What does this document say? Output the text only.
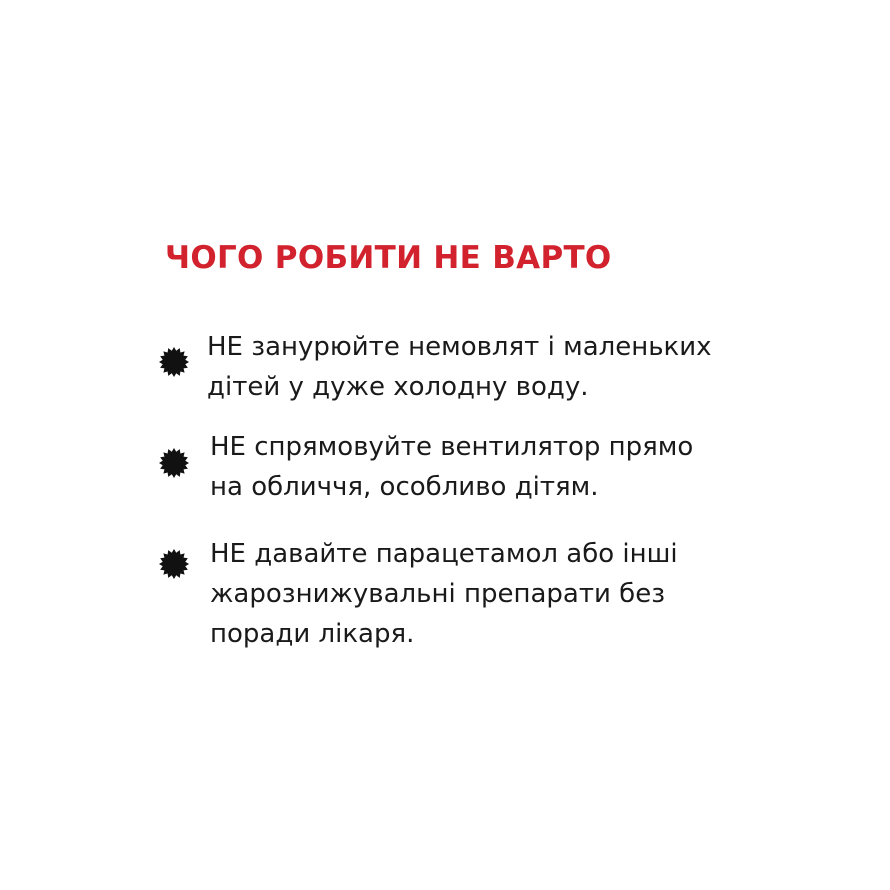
ЧОГО РОБИТИ НЕ ВАРТО
НЕ занурюйте немовлят і маленьких
дітей у дуже холодну воду.
НЕ спрямовуйте вентилятор прямо
на обличчя, особливо дітям.
НЕ давайте парацетамол або інші
жарознижувальні препарати без
поради лікаря.
